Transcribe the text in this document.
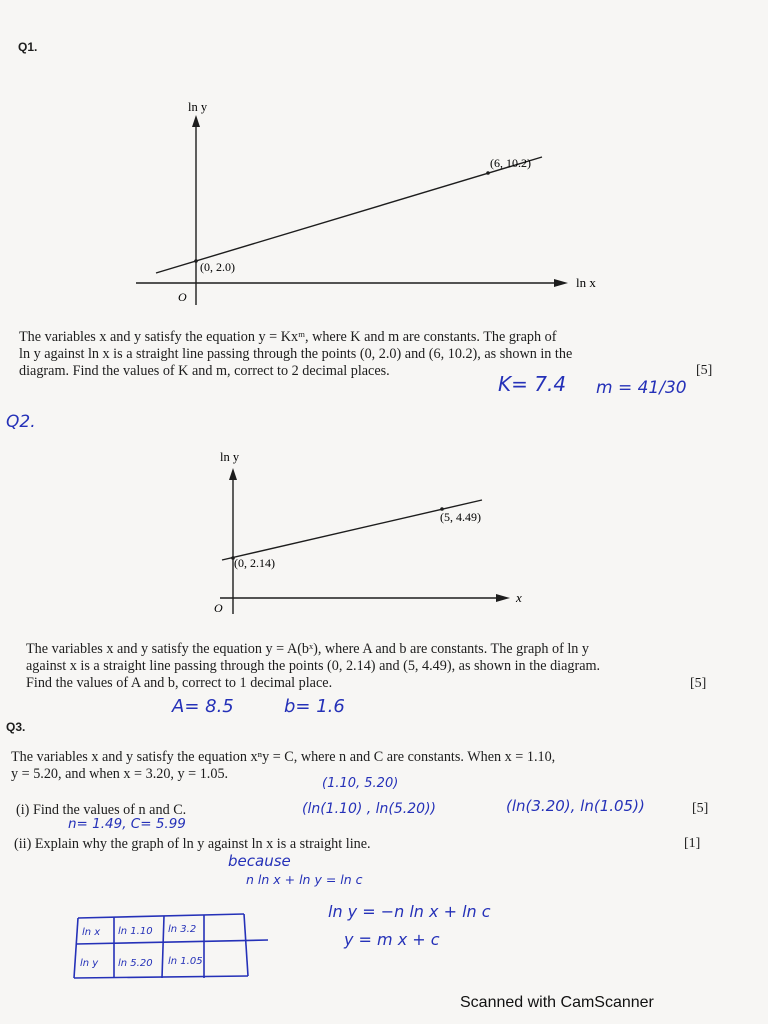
Q1.
ln y
ln x
O
(0, 2.0)
(6, 10.2)
The variables x and y satisfy the equation y = Kxᵐ, where K and m are constants. The graph of
ln y against ln x is a straight line passing through the points (0, 2.0) and (6, 10.2), as shown in the
diagram. Find the values of K and m, correct to 2 decimal places.	[5]
K= 7.4 m = 41/30
Q2.
ln y
x
O
(0, 2.14)
(5, 4.49)
The variables x and y satisfy the equation y = A(bˣ), where A and b are constants. The graph of ln y
against x is a straight line passing through the points (0, 2.14) and (5, 4.49), as shown in the diagram.
Find the values of A and b, correct to 1 decimal place.	[5]
A= 8.5	b= 1.6
Q3.
The variables x and y satisfy the equation xⁿy = C, where n and C are constants. When x = 1.10,
y = 5.20, and when x = 3.20, y = 1.05.
(1.10, 5.20)
(i) Find the values of n and C.	(ln(1.10) , ln(5.20))	(ln(3.20), ln(1.05))	[5]
n= 1.49, C= 5.99
(ii) Explain why the graph of ln y against ln x is a straight line.	[1]
because
n ln x + ln y = ln c
ln y = −n ln x + ln c
y = m x + c
ln x ln 1.10 ln 3.2
ln y ln 5.20 ln 1.05
Scanned with CamScanner
